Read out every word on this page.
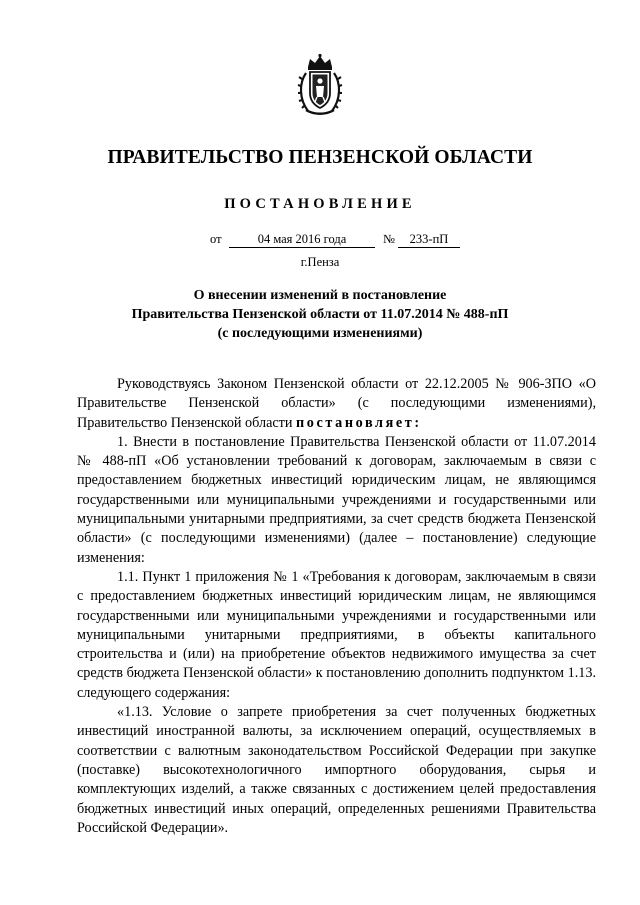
ПРАВИТЕЛЬСТВО ПЕНЗЕНСКОЙ ОБЛАСТИ
ПОСТАНОВЛЕНИЕ
от	04 мая 2016 года	№	233-пП
г.Пенза
О внесении изменений в постановление
Правительства Пензенской области от 11.07.2014 № 488-пП
(с последующими изменениями)

Руководствуясь Законом Пензенской области от 22.12.2005 № 906-ЗПО «О Правительстве Пензенской области» (с последующими изменениями), Правительство Пензенской области постановляет:

1. Внести в постановление Правительства Пензенской области от 11.07.2014 № 488-пП «Об установлении требований к договорам, заключаемым в связи с предоставлением бюджетных инвестиций юридическим лицам, не являющимся государственными или муниципальными учреждениями и государственными или муниципальными унитарными предприятиями, за счет средств бюджета Пензенской области» (с последующими изменениями) (далее – постановление) следующие изменения:

1.1. Пункт 1 приложения № 1 «Требования к договорам, заключаемым в связи с предоставлением бюджетных инвестиций юридическим лицам, не являющимся государственными или муниципальными учреждениями и государственными или муниципальными унитарными предприятиями, в объекты капитального строительства и (или) на приобретение объектов недвижимого имущества за счет средств бюджета Пензенской области» к постановлению дополнить подпунктом 1.13. следующего содержания:

«1.13. Условие о запрете приобретения за счет полученных бюджетных инвестиций иностранной валюты, за исключением операций, осуществляемых в соответствии с валютным законодательством Российской Федерации при закупке (поставке) высокотехнологичного импортного оборудования, сырья и комплектующих изделий, а также связанных с достижением целей предоставления бюджетных инвестиций иных операций, определенных решениями Правительства Российской Федерации».
